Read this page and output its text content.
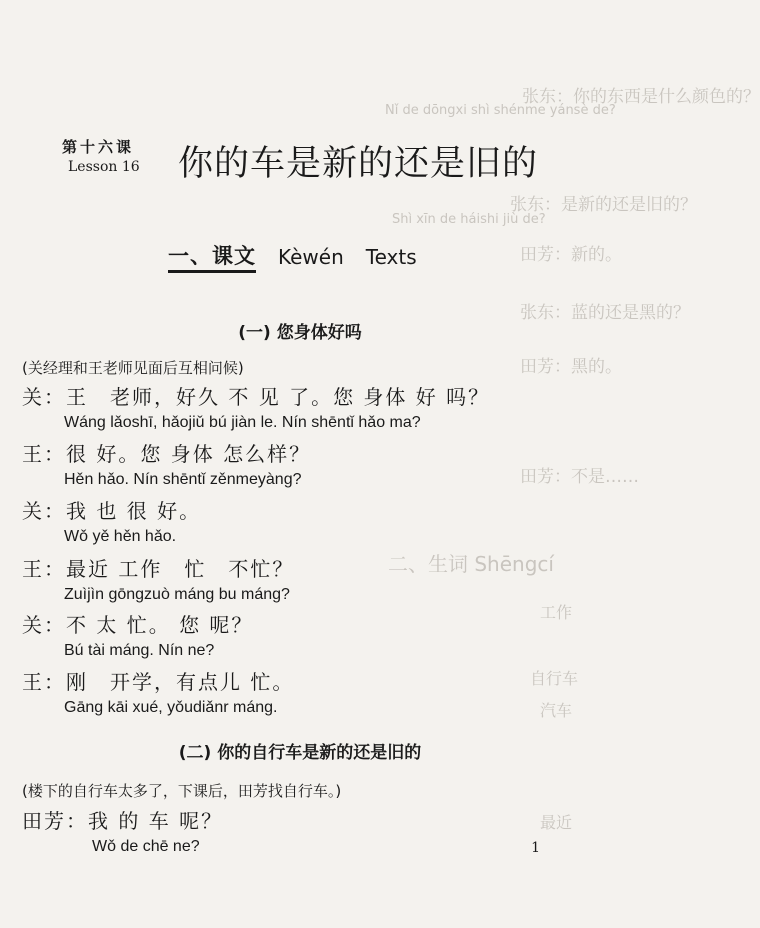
张东：你的东西是什么颜色的？
Nǐ de dōngxi shì shénme yánsè de?
张东：是新的还是旧的？
Shì xīn de háishi jiù de?
田芳：新的。
张东：蓝的还是黑的？
田芳：黑的。
田芳：不是……
二、生词 Shēngcí
工作
自行车
汽车
最近
第十六课
Lesson 16 你的车是新的还是旧的
一、课文 Kèwén Texts
(一) 您身体好吗
(关经理和王老师见面后互相问候)
关：王　老师，好久 不 见 了。您 身体 好 吗？
Wáng lǎoshī, hǎojiǔ bú jiàn le. Nín shēntǐ hǎo ma?
王：很 好。您 身体 怎么样？
Hěn hǎo. Nín shēntǐ zěnmeyàng?
关：我 也 很 好。
Wǒ yě hěn hǎo.
王：最近 工作　忙　不忙？
Zuìjìn gōngzuò máng bu máng?
关：不 太 忙。 您 呢？
Bú tài máng. Nín ne?
王：刚　开学，有点儿 忙。
Gāng kāi xué, yǒudiǎnr máng.
(二) 你的自行车是新的还是旧的
(楼下的自行车太多了，下课后，田芳找自行车。)
田芳：我 的 车 呢？
Wǒ de chē ne?	1
